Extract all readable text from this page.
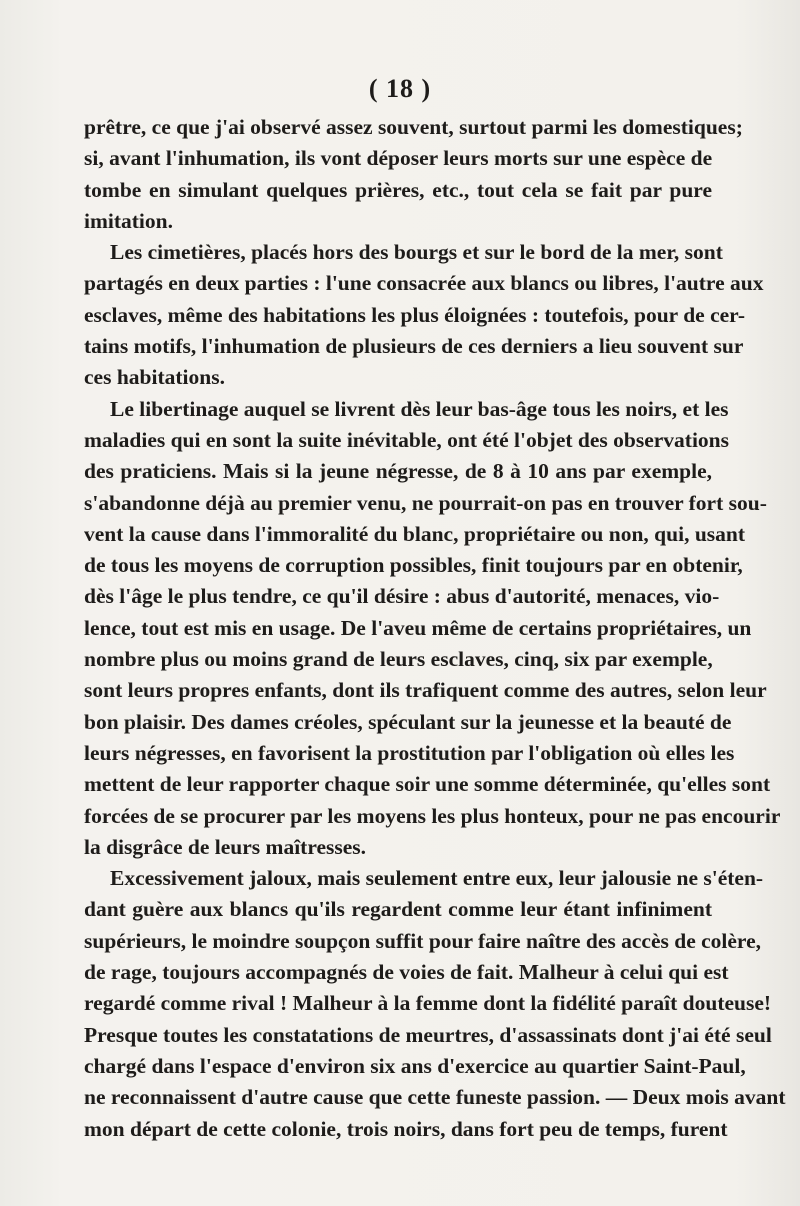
( 18 )
prêtre, ce que j'ai observé assez souvent, surtout parmi les domestiques;
si, avant l'inhumation, ils vont déposer leurs morts sur une espèce de
tombe en simulant quelques prières, etc., tout cela se fait par pure
imitation.
Les cimetières, placés hors des bourgs et sur le bord de la mer, sont
partagés en deux parties : l'une consacrée aux blancs ou libres, l'autre aux
esclaves, même des habitations les plus éloignées : toutefois, pour de cer-
tains motifs, l'inhumation de plusieurs de ces derniers a lieu souvent sur
ces habitations.
Le libertinage auquel se livrent dès leur bas-âge tous les noirs, et les
maladies qui en sont la suite inévitable, ont été l'objet des observations
des praticiens. Mais si la jeune négresse, de 8 à 10 ans par exemple,
s'abandonne déjà au premier venu, ne pourrait-on pas en trouver fort sou-
vent la cause dans l'immoralité du blanc, propriétaire ou non, qui, usant
de tous les moyens de corruption possibles, finit toujours par en obtenir,
dès l'âge le plus tendre, ce qu'il désire : abus d'autorité, menaces, vio-
lence, tout est mis en usage. De l'aveu même de certains propriétaires, un
nombre plus ou moins grand de leurs esclaves, cinq, six par exemple,
sont leurs propres enfants, dont ils trafiquent comme des autres, selon leur
bon plaisir. Des dames créoles, spéculant sur la jeunesse et la beauté de
leurs négresses, en favorisent la prostitution par l'obligation où elles les
mettent de leur rapporter chaque soir une somme déterminée, qu'elles sont
forcées de se procurer par les moyens les plus honteux, pour ne pas encourir
la disgrâce de leurs maîtresses.
Excessivement jaloux, mais seulement entre eux, leur jalousie ne s'éten-
dant guère aux blancs qu'ils regardent comme leur étant infiniment
supérieurs, le moindre soupçon suffit pour faire naître des accès de colère,
de rage, toujours accompagnés de voies de fait. Malheur à celui qui est
regardé comme rival ! Malheur à la femme dont la fidélité paraît douteuse!
Presque toutes les constatations de meurtres, d'assassinats dont j'ai été seul
chargé dans l'espace d'environ six ans d'exercice au quartier Saint-Paul,
ne reconnaissent d'autre cause que cette funeste passion. — Deux mois avant
mon départ de cette colonie, trois noirs, dans fort peu de temps, furent
